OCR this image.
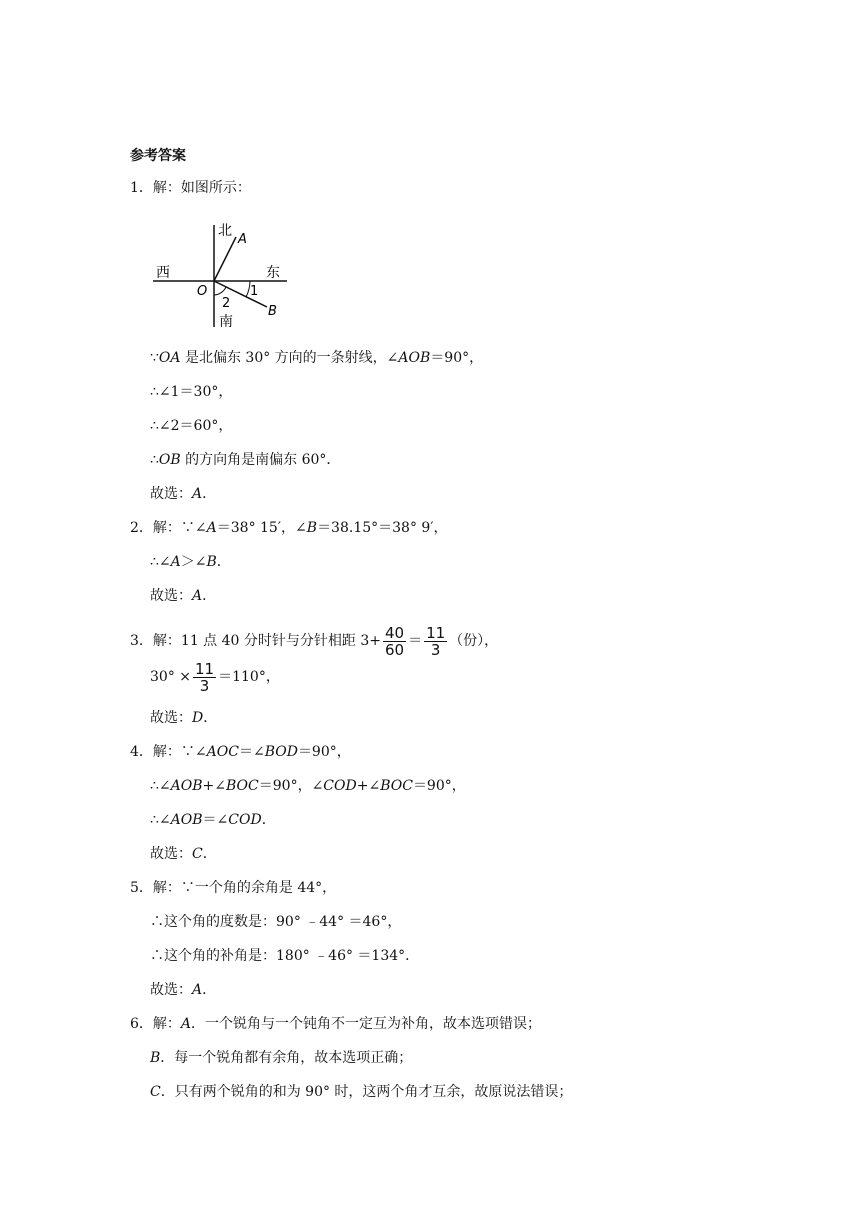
参考答案
1．解：如图所示：
北
西	东
南
O
A
B
1
2
∵OA 是北偏东 30° 方向的一条射线，∠AOB＝90°，
∴∠1＝30°，
∴∠2＝60°，
∴OB 的方向角是南偏东 60°．
故选：A．
2．解：∵∠A＝38° 15′，∠B＝38.15°＝38° 9′，
∴∠A＞∠B．
故选：A．
3．解：11 点 40 分时针与分针相距 $3+ \frac{40}{60} = \frac{11}{3}$ （份），
$30^\circ \times \frac{11}{3} =110^\circ$，
故选：D．
4．解：∵∠AOC＝∠BOD＝90°，
∴∠AOB+∠BOC＝90°，∠COD+∠BOC＝90°，
∴∠AOB＝∠COD．
故选：C．
5．解：∵一个角的余角是 44°，
∴这个角的度数是：90° ﹣44° ＝46°，
∴这个角的补角是：180° ﹣46° ＝134°．
故选：A．
6．解：A．一个锐角与一个钝角不一定互为补角，故本选项错误；
B．每一个锐角都有余角，故本选项正确；
C．只有两个锐角的和为 90° 时，这两个角才互余，故原说法错误；
